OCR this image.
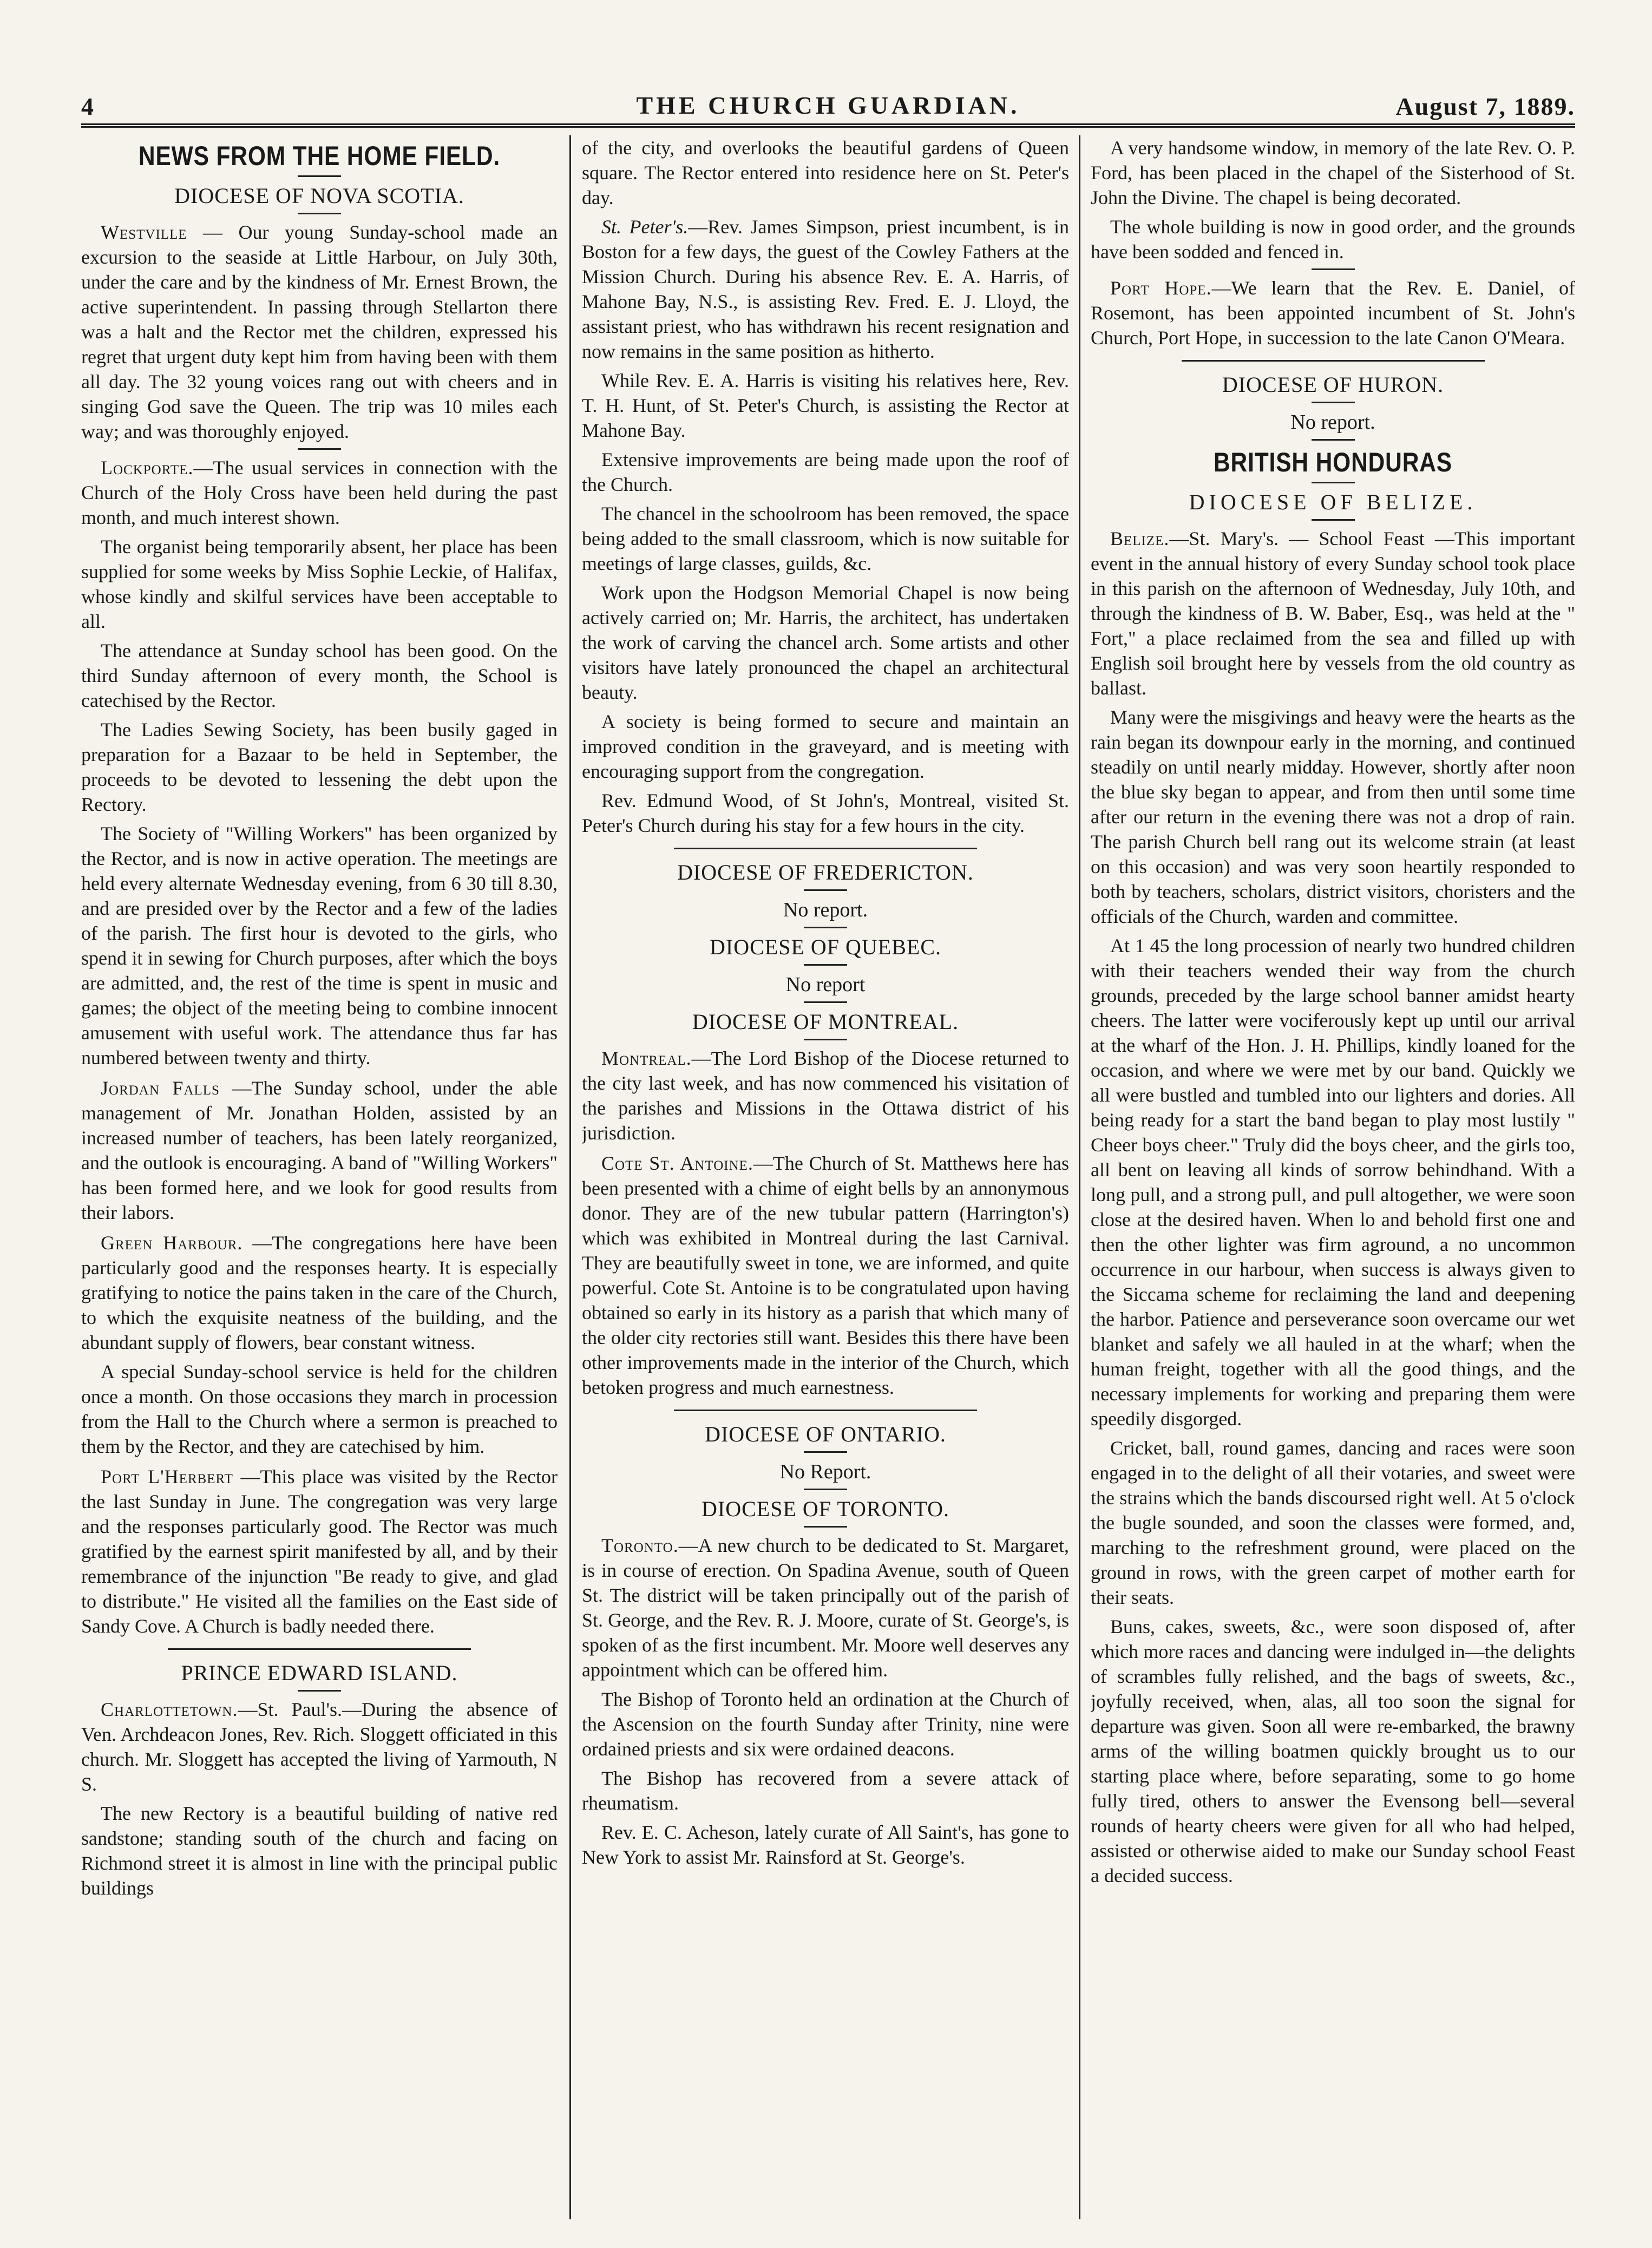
4	THE CHURCH GUARDIAN.	August 7, 1889.
NEWS FROM THE HOME FIELD.
DIOCESE OF NOVA SCOTIA.

Westville — Our young Sunday-school made an excursion to the seaside at Little Harbour, on July 30th, under the care and by the kindness of Mr. Ernest Brown, the active superintendent. In passing through Stellarton there was a halt and the Rector met the children, expressed his regret that urgent duty kept him from having been with them all day. The 32 young voices rang out with cheers and in singing God save the Queen. The trip was 10 miles each way; and was thoroughly enjoyed.

Lockporte.—The usual services in connection with the Church of the Holy Cross have been held during the past month, and much interest shown.

The organist being temporarily absent, her place has been supplied for some weeks by Miss Sophie Leckie, of Halifax, whose kindly and skilful services have been acceptable to all.

The attendance at Sunday school has been good. On the third Sunday afternoon of every month, the School is catechised by the Rector.

The Ladies Sewing Society, has been busily gaged in preparation for a Bazaar to be held in September, the proceeds to be devoted to lessening the debt upon the Rectory.

The Society of "Willing Workers" has been organized by the Rector, and is now in active operation. The meetings are held every alternate Wednesday evening, from 6 30 till 8.30, and are presided over by the Rector and a few of the ladies of the parish. The first hour is devoted to the girls, who spend it in sewing for Church purposes, after which the boys are admitted, and, the rest of the time is spent in music and games; the object of the meeting being to combine innocent amusement with useful work. The attendance thus far has numbered between twenty and thirty.

Jordan Falls —The Sunday school, under the able management of Mr. Jonathan Holden, assisted by an increased number of teachers, has been lately reorganized, and the outlook is encouraging. A band of "Willing Workers" has been formed here, and we look for good results from their labors.

Green Harbour. —The congregations here have been particularly good and the responses hearty. It is especially gratifying to notice the pains taken in the care of the Church, to which the exquisite neatness of the building, and the abundant supply of flowers, bear constant witness.

A special Sunday-school service is held for the children once a month. On those occasions they march in procession from the Hall to the Church where a sermon is preached to them by the Rector, and they are catechised by him.

Port L'Herbert —This place was visited by the Rector the last Sunday in June. The congregation was very large and the responses particularly good. The Rector was much gratified by the earnest spirit manifested by all, and by their remembrance of the injunction "Be ready to give, and glad to distribute." He visited all the families on the East side of Sandy Cove. A Church is badly needed there.

PRINCE EDWARD ISLAND.

Charlottetown.—St. Paul's.—During the absence of Ven. Archdeacon Jones, Rev. Rich. Sloggett officiated in this church. Mr. Sloggett has accepted the living of Yarmouth, N S.

The new Rectory is a beautiful building of native red sandstone; standing south of the church and facing on Richmond street it is almost in line with the principal public buildings

of the city, and overlooks the beautiful gardens of Queen square. The Rector entered into residence here on St. Peter's day.

St. Peter's.—Rev. James Simpson, priest incumbent, is in Boston for a few days, the guest of the Cowley Fathers at the Mission Church. During his absence Rev. E. A. Harris, of Mahone Bay, N.S., is assisting Rev. Fred. E. J. Lloyd, the assistant priest, who has withdrawn his recent resignation and now remains in the same position as hitherto.

While Rev. E. A. Harris is visiting his relatives here, Rev. T. H. Hunt, of St. Peter's Church, is assisting the Rector at Mahone Bay.

Extensive improvements are being made upon the roof of the Church.

The chancel in the schoolroom has been removed, the space being added to the small classroom, which is now suitable for meetings of large classes, guilds, &c.

Work upon the Hodgson Memorial Chapel is now being actively carried on; Mr. Harris, the architect, has undertaken the work of carving the chancel arch. Some artists and other visitors have lately pronounced the chapel an architectural beauty.

A society is being formed to secure and maintain an improved condition in the graveyard, and is meeting with encouraging support from the congregation.

Rev. Edmund Wood, of St John's, Montreal, visited St. Peter's Church during his stay for a few hours in the city.

DIOCESE OF FREDERICTON.
No report.
DIOCESE OF QUEBEC.
No report
DIOCESE OF MONTREAL.

Montreal.—The Lord Bishop of the Diocese returned to the city last week, and has now commenced his visitation of the parishes and Missions in the Ottawa district of his jurisdiction.

Cote St. Antoine.—The Church of St. Matthews here has been presented with a chime of eight bells by an annonymous donor. They are of the new tubular pattern (Harrington's) which was exhibited in Montreal during the last Carnival. They are beautifully sweet in tone, we are informed, and quite powerful. Cote St. Antoine is to be congratulated upon having obtained so early in its history as a parish that which many of the older city rectories still want. Besides this there have been other improvements made in the interior of the Church, which betoken progress and much earnestness.

DIOCESE OF ONTARIO.
No Report.
DIOCESE OF TORONTO.

Toronto.—A new church to be dedicated to St. Margaret, is in course of erection. On Spadina Avenue, south of Queen St. The district will be taken principally out of the parish of St. George, and the Rev. R. J. Moore, curate of St. George's, is spoken of as the first incumbent. Mr. Moore well deserves any appointment which can be offered him.

The Bishop of Toronto held an ordination at the Church of the Ascension on the fourth Sunday after Trinity, nine were ordained priests and six were ordained deacons.

The Bishop has recovered from a severe attack of rheumatism.

Rev. E. C. Acheson, lately curate of All Saint's, has gone to New York to assist Mr. Rainsford at St. George's.

A very handsome window, in memory of the late Rev. O. P. Ford, has been placed in the chapel of the Sisterhood of St. John the Divine. The chapel is being decorated.

The whole building is now in good order, and the grounds have been sodded and fenced in.

Port Hope.—We learn that the Rev. E. Daniel, of Rosemont, has been appointed incumbent of St. John's Church, Port Hope, in succession to the late Canon O'Meara.

DIOCESE OF HURON.
No report.
BRITISH HONDURAS
DIOCESE OF BELIZE.

Belize.—St. Mary's. — School Feast —This important event in the annual history of every Sunday school took place in this parish on the afternoon of Wednesday, July 10th, and through the kindness of B. W. Baber, Esq., was held at the " Fort," a place reclaimed from the sea and filled up with English soil brought here by vessels from the old country as ballast.

Many were the misgivings and heavy were the hearts as the rain began its downpour early in the morning, and continued steadily on until nearly midday. However, shortly after noon the blue sky began to appear, and from then until some time after our return in the evening there was not a drop of rain. The parish Church bell rang out its welcome strain (at least on this occasion) and was very soon heartily responded to both by teachers, scholars, district visitors, choristers and the officials of the Church, warden and committee.

At 1 45 the long procession of nearly two hundred children with their teachers wended their way from the church grounds, preceded by the large school banner amidst hearty cheers. The latter were vociferously kept up until our arrival at the wharf of the Hon. J. H. Phillips, kindly loaned for the occasion, and where we were met by our band. Quickly we all were bustled and tumbled into our lighters and dories. All being ready for a start the band began to play most lustily " Cheer boys cheer." Truly did the boys cheer, and the girls too, all bent on leaving all kinds of sorrow behindhand. With a long pull, and a strong pull, and pull altogether, we were soon close at the desired haven. When lo and behold first one and then the other lighter was firm aground, a no uncommon occurrence in our harbour, when success is always given to the Siccama scheme for reclaiming the land and deepening the harbor. Patience and perseverance soon overcame our wet blanket and safely we all hauled in at the wharf; when the human freight, together with all the good things, and the necessary implements for working and preparing them were speedily disgorged.

Cricket, ball, round games, dancing and races were soon engaged in to the delight of all their votaries, and sweet were the strains which the bands discoursed right well. At 5 o'clock the bugle sounded, and soon the classes were formed, and, marching to the refreshment ground, were placed on the ground in rows, with the green carpet of mother earth for their seats.

Buns, cakes, sweets, &c., were soon disposed of, after which more races and dancing were indulged in—the delights of scrambles fully relished, and the bags of sweets, &c., joyfully received, when, alas, all too soon the signal for departure was given. Soon all were re-embarked, the brawny arms of the willing boatmen quickly brought us to our starting place where, before separating, some to go home fully tired, others to answer the Evensong bell—several rounds of hearty cheers were given for all who had helped, assisted or otherwise aided to make our Sunday school Feast a decided success.
